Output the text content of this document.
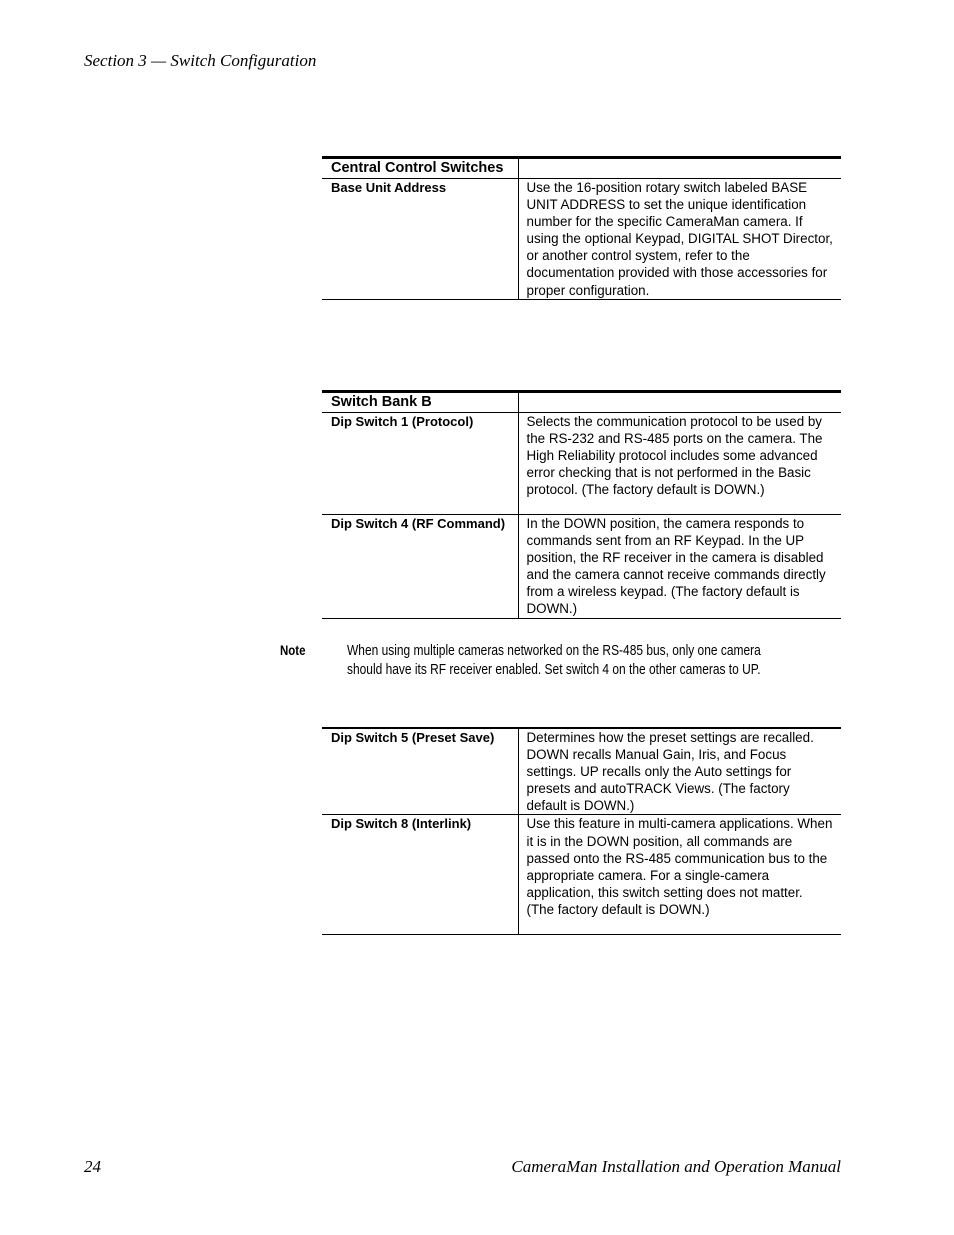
Section 3 — Switch Configuration
Central Control Switches	
Base Unit Address	Use the 16-position rotary switch labeled BASE UNIT ADDRESS to set the unique identification number for the specific CameraMan camera. If using the optional Keypad, DIGITAL SHOT Director, or another control system, refer to the documentation provided with those accessories for proper configuration.
Switch Bank B	
Dip Switch 1 (Protocol)	Selects the communication protocol to be used by the RS-232 and RS-485 ports on the camera. The High Reliability protocol includes some advanced error checking that is not performed in the Basic protocol. (The factory default is DOWN.)
Dip Switch 4 (RF Command)	In the DOWN position, the camera responds to commands sent from an RF Keypad. In the UP position, the RF receiver in the camera is disabled and the camera cannot receive commands directly from a wireless keypad. (The factory default is DOWN.)
Note	When using multiple cameras networked on the RS-485 bus, only one camera should have its RF receiver enabled. Set switch 4 on the other cameras to UP.
Dip Switch 5 (Preset Save)	Determines how the preset settings are recalled. DOWN recalls Manual Gain, Iris, and Focus settings. UP recalls only the Auto settings for presets and autoTRACK Views. (The factory default is DOWN.)
Dip Switch 8 (Interlink)	Use this feature in multi-camera applications. When it is in the DOWN position, all commands are passed onto the RS-485 communication bus to the appropriate camera. For a single-camera application, this switch setting does not matter. (The factory default is DOWN.)
24	CameraMan Installation and Operation Manual
